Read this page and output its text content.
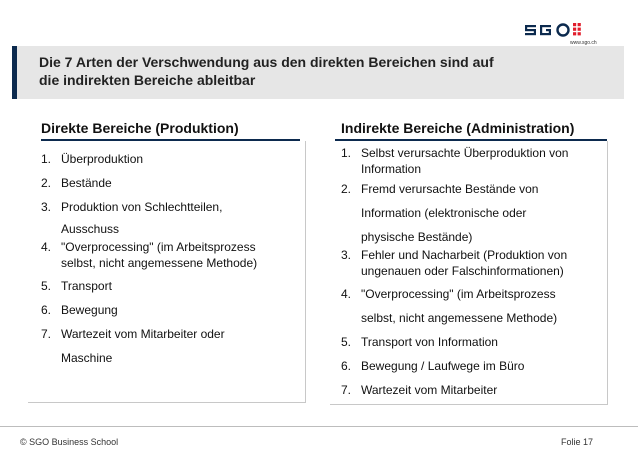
www.sgo.ch
Die 7 Arten der Verschwendung aus den direkten Bereichen sind auf
die indirekten Bereiche ableitbar
Direkte Bereiche (Produktion)	Indirekte Bereiche (Administration)
1. Überproduktion
2. Bestände
3. Produktion von Schlechtteilen,
Ausschuss
4. "Overprocessing" (im Arbeitsprozess
selbst, nicht angemessene Methode)
5. Transport
6. Bewegung
7. Wartezeit vom Mitarbeiter oder
Maschine
1. Selbst verursachte Überproduktion von
Information
2. Fremd verursachte Bestände von
Information (elektronische oder
physische Bestände)
3. Fehler und Nacharbeit (Produktion von
ungenauen oder Falschinformationen)
4. "Overprocessing" (im Arbeitsprozess
selbst, nicht angemessene Methode)
5. Transport von Information
6. Bewegung / Laufwege im Büro
7. Wartezeit vom Mitarbeiter
© SGO Business School	Folie 17
